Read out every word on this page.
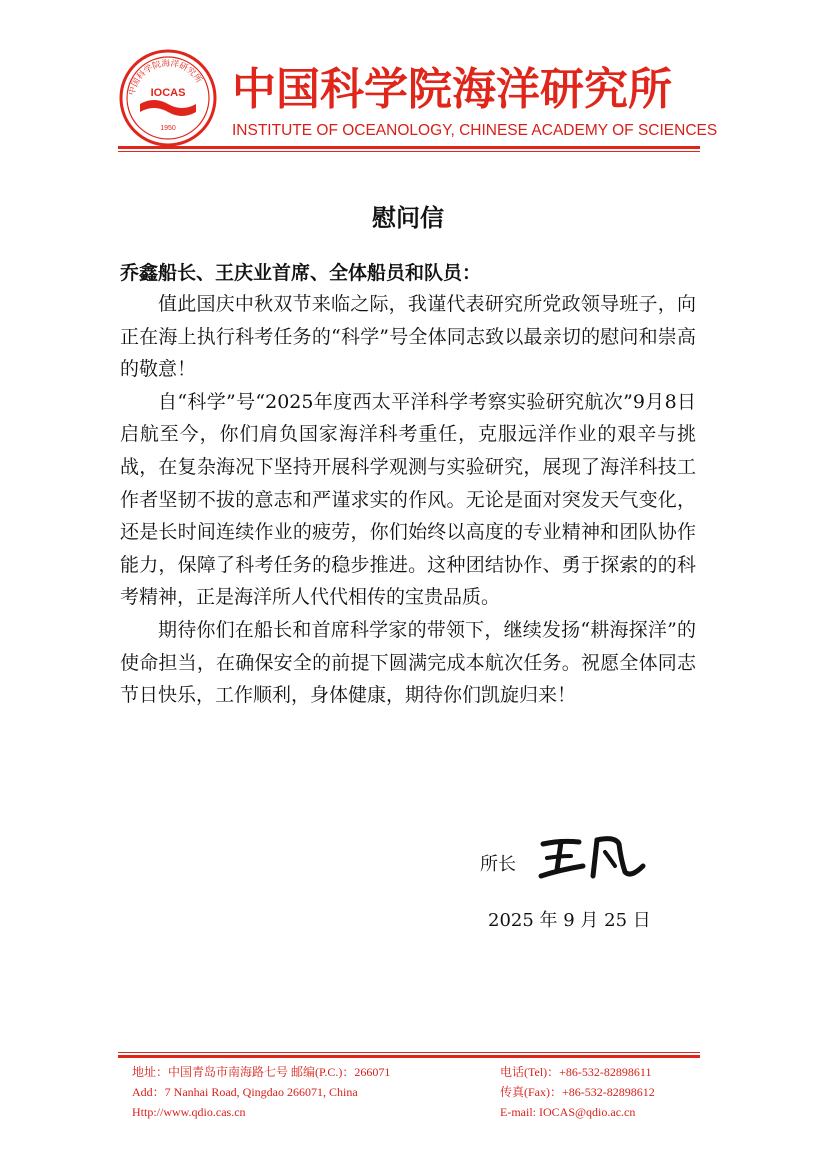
IOCAS
1950
中国科学院海洋研究所 中国科学院海洋研究所
INSTITUTE OF OCEANOLOGY, CHINESE ACADEMY OF SCIENCES
慰问信
乔鑫船长、王庆业首席、全体船员和队员：

值此国庆中秋双节来临之际，我谨代表研究所党政领导班子，向正在海上执行科考任务的“科学”号全体同志致以最亲切的慰问和崇高的敬意！

自“科学”号“2025年度西太平洋科学考察实验研究航次”9月8日启航至今，你们肩负国家海洋科考重任，克服远洋作业的艰辛与挑战，在复杂海况下坚持开展科学观测与实验研究，展现了海洋科技工作者坚韧不拔的意志和严谨求实的作风。无论是面对突发天气变化，还是长时间连续作业的疲劳，你们始终以高度的专业精神和团队协作能力，保障了科考任务的稳步推进。这种团结协作、勇于探索的的科考精神，正是海洋所人代代相传的宝贵品质。

期待你们在船长和首席科学家的带领下，继续发扬“耕海探洋”的使命担当，在确保安全的前提下圆满完成本航次任务。祝愿全体同志节日快乐，工作顺利，身体健康，期待你们凯旋归来！

所长
2025 年 9 月 25 日
地址：中国青岛市南海路七号 邮编(P.C.)：266071
Add：7 Nanhai Road, Qingdao 266071, China
Http://www.qdio.cas.cn
电话(Tel)：+86-532-82898611
传真(Fax)：+86-532-82898612
E-mail: IOCAS@qdio.ac.cn
